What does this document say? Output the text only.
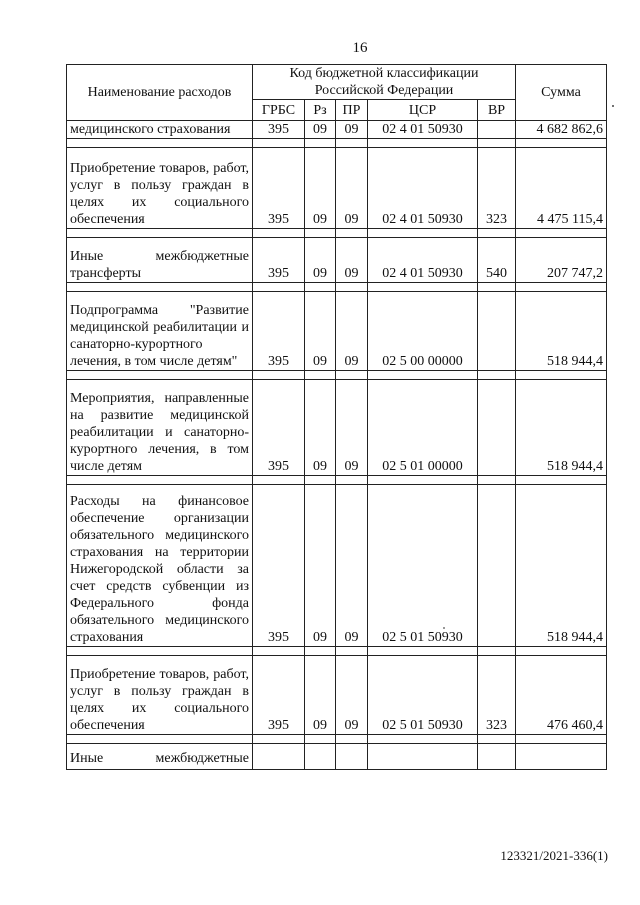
16
Наименование расходов	Код бюджетной классификации Российской Федерации					Сумма
	ГРБС	Рз	ПР	ЦСР	ВР	
медицинского страхования	395	09	09	02 4 01 50930		4 682 862,6

Приобретение товаров, работ, услуг в пользу граждан в целях их социального обеспечения	395	09	09	02 4 01 50930	323	4 475 115,4

Иные межбюджетные трансферты	395	09	09	02 4 01 50930	540	207 747,2

Подпрограмма "Развитие медицинской реабилитации и санаторно-курортного лечения, в том числе детям"	395	09	09	02 5 00 00000		518 944,4

Мероприятия, направленные на развитие медицинской реабилитации и санаторно-курортного лечения, в том числе детям	395	09	09	02 5 01 00000		518 944,4

Расходы на финансовое обеспечение организации обязательного медицинского страхования на территории Нижегородской области за счет средств субвенции из Федерального фонда обязательного медицинского страхования	395	09	09	02 5 01 50930		518 944,4

Приобретение товаров, работ, услуг в пользу граждан в целях их социального обеспечения	395	09	09	02 5 01 50930	323	476 460,4

Иные межбюджетные						
123321/2021-336(1)
